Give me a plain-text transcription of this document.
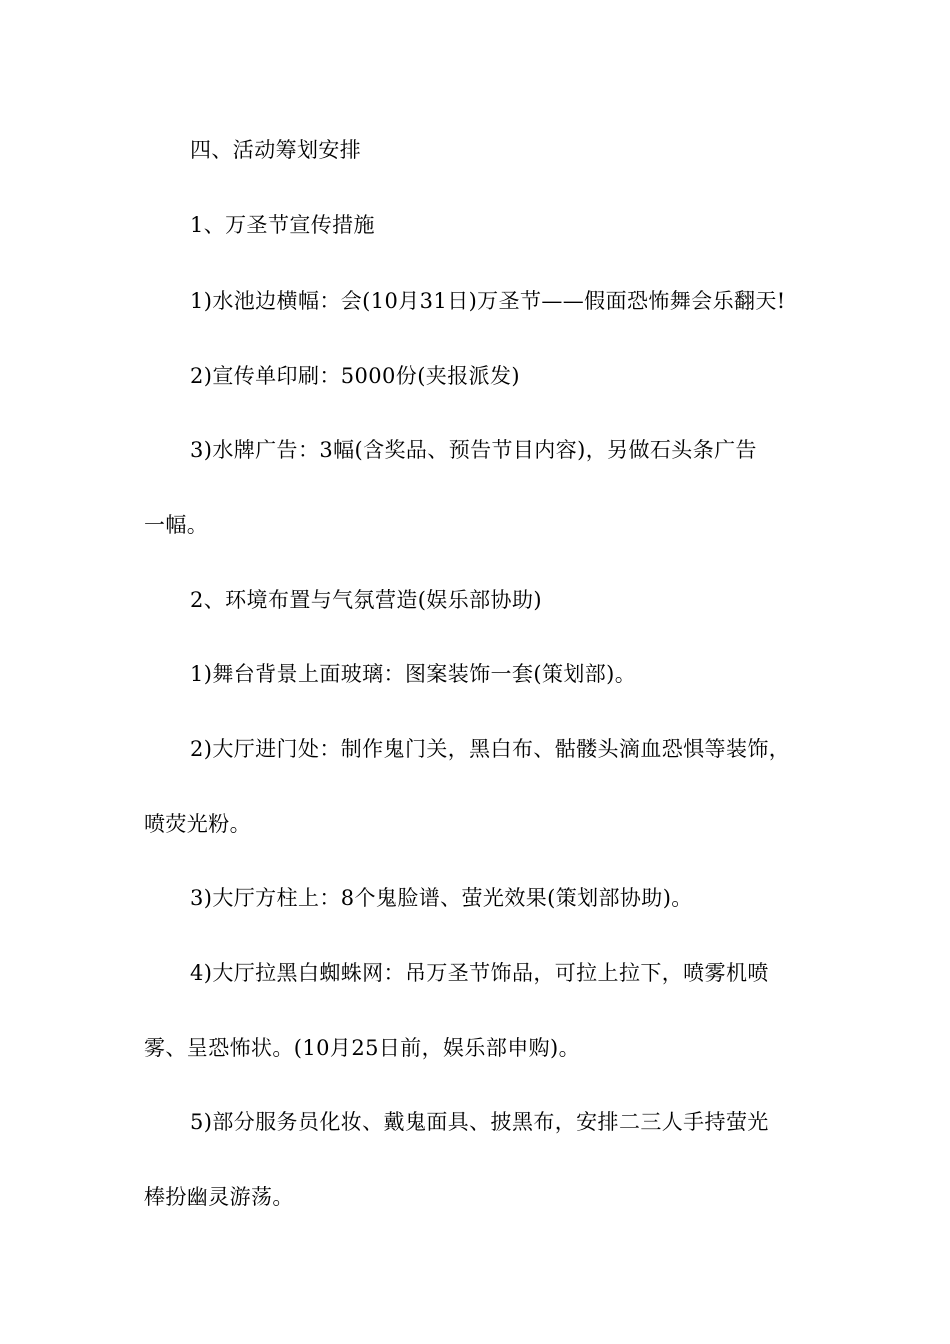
四、活动筹划安排
1、万圣节宣传措施
1)水池边横幅：会(10月31日)万圣节——假面恐怖舞会乐翻天!
2)宣传单印刷：5000份(夹报派发)
3)水牌广告：3幅(含奖品、预告节目内容)，另做石头条广告
一幅。
2、环境布置与气氛营造(娱乐部协助)
1)舞台背景上面玻璃：图案装饰一套(策划部)。
2)大厅进门处：制作鬼门关，黑白布、骷髅头滴血恐惧等装饰，
喷荧光粉。
3)大厅方柱上：8个鬼脸谱、萤光效果(策划部协助)。
4)大厅拉黑白蜘蛛网：吊万圣节饰品，可拉上拉下，喷雾机喷
雾、呈恐怖状。(10月25日前，娱乐部申购)。
5)部分服务员化妆、戴鬼面具、披黑布，安排二三人手持萤光
棒扮幽灵游荡。
